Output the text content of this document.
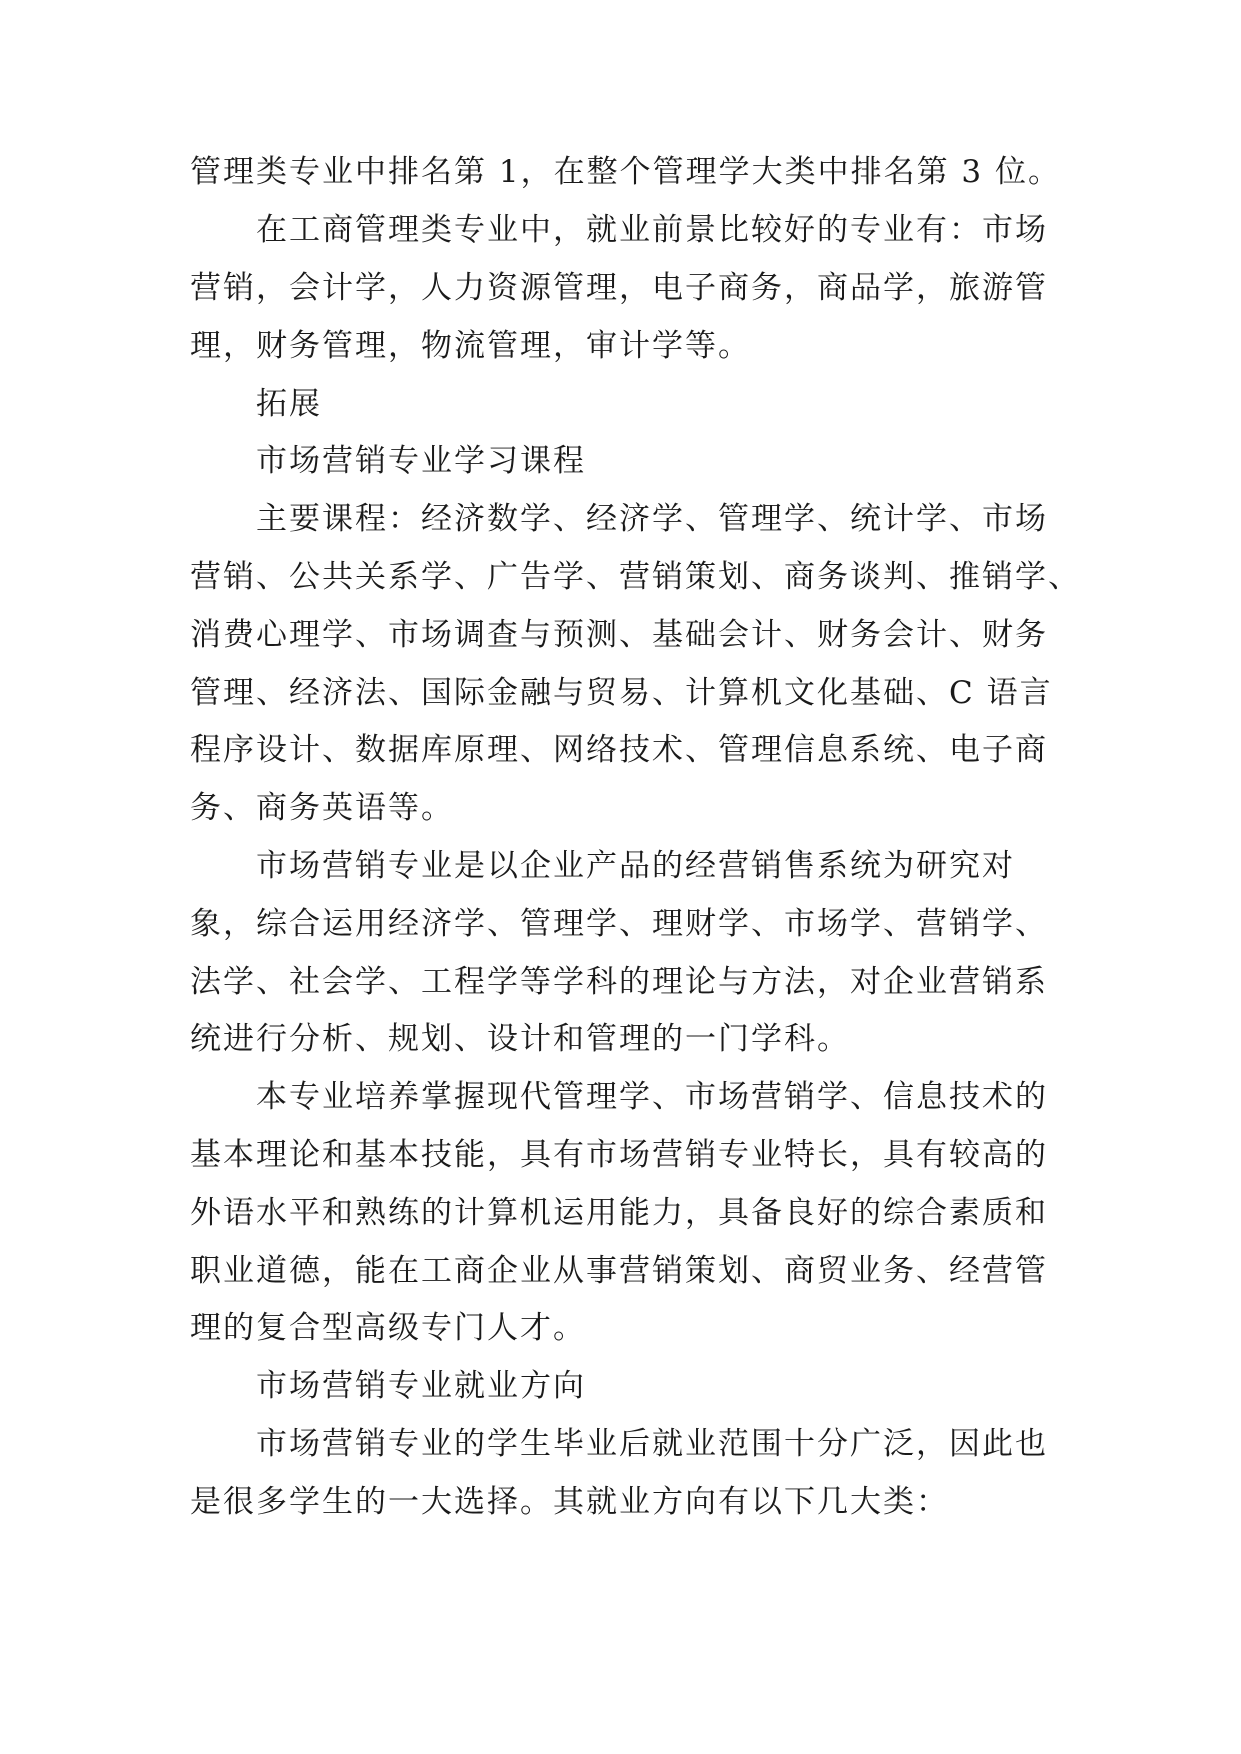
管理类专业中排名第 1，在整个管理学大类中排名第 3 位。
在工商管理类专业中，就业前景比较好的专业有：市场
营销，会计学，人力资源管理，电子商务，商品学，旅游管
理，财务管理，物流管理，审计学等。
拓展
市场营销专业学习课程
主要课程：经济数学、经济学、管理学、统计学、市场
营销、公共关系学、广告学、营销策划、商务谈判、推销学、
消费心理学、市场调查与预测、基础会计、财务会计、财务
管理、经济法、国际金融与贸易、计算机文化基础、C 语言
程序设计、数据库原理、网络技术、管理信息系统、电子商
务、商务英语等。
市场营销专业是以企业产品的经营销售系统为研究对
象，综合运用经济学、管理学、理财学、市场学、营销学、
法学、社会学、工程学等学科的理论与方法，对企业营销系
统进行分析、规划、设计和管理的一门学科。
本专业培养掌握现代管理学、市场营销学、信息技术的
基本理论和基本技能，具有市场营销专业特长，具有较高的
外语水平和熟练的计算机运用能力，具备良好的综合素质和
职业道德，能在工商企业从事营销策划、商贸业务、经营管
理的复合型高级专门人才。
市场营销专业就业方向
市场营销专业的学生毕业后就业范围十分广泛，因此也
是很多学生的一大选择。其就业方向有以下几大类：
